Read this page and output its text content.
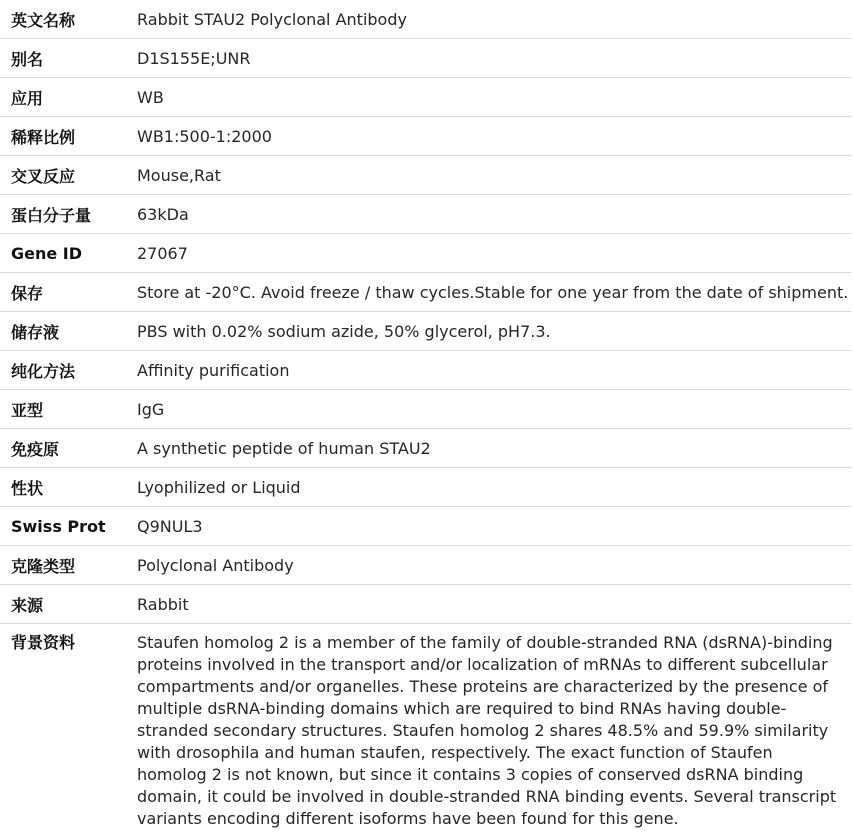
英文名称	Rabbit STAU2 Polyclonal Antibody
别名	D1S155E;UNR
应用	WB
稀释比例	WB1:500-1:2000
交叉反应	Mouse,Rat
蛋白分子量	63kDa
Gene ID	27067
保存	Store at -20°C. Avoid freeze / thaw cycles.Stable for one year from the date of shipment.
储存液	PBS with 0.02% sodium azide, 50% glycerol, pH7.3.
纯化方法	Affinity purification
亚型	IgG
免疫原	A synthetic peptide of human STAU2
性状	Lyophilized or Liquid
Swiss Prot	Q9NUL3
克隆类型	Polyclonal Antibody
来源	Rabbit
背景资料	Staufen homolog 2 is a member of the family of double-stranded RNA (dsRNA)-binding proteins involved in the transport and/or localization of mRNAs to different subcellular compartments and/or organelles. These proteins are characterized by the presence of multiple dsRNA-binding domains which are required to bind RNAs having double-stranded secondary structures. Staufen homolog 2 shares 48.5% and 59.9% similarity with drosophila and human staufen, respectively. The exact function of Staufen homolog 2 is not known, but since it contains 3 copies of conserved dsRNA binding domain, it could be involved in double-stranded RNA binding events. Several transcript variants encoding different isoforms have been found for this gene.
